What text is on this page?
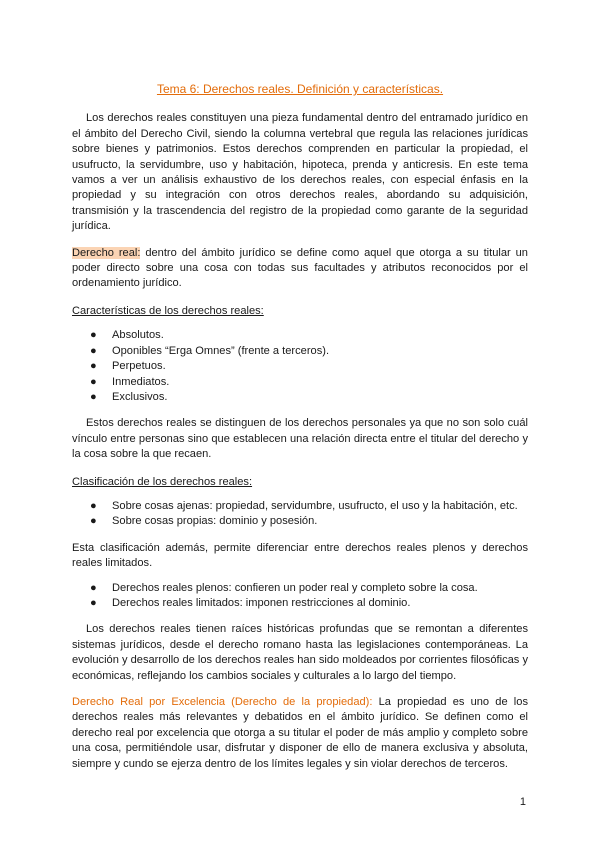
Tema 6: Derechos reales. Definición y características.

Los derechos reales constituyen una pieza fundamental dentro del entramado jurídico en el ámbito del Derecho Civil, siendo la columna vertebral que regula las relaciones jurídicas sobre bienes y patrimonios. Estos derechos comprenden en particular la propiedad, el usufructo, la servidumbre, uso y habitación, hipoteca, prenda y anticresis. En este tema vamos a ver un análisis exhaustivo de los derechos reales, con especial énfasis en la propiedad y su integración con otros derechos reales, abordando su adquisición, transmisión y la trascendencia del registro de la propiedad como garante de la seguridad jurídica.

Derecho real: dentro del ámbito jurídico se define como aquel que otorga a su titular un poder directo sobre una cosa con todas sus facultades y atributos reconocidos por el ordenamiento jurídico.

Características de los derechos reales:

● Absolutos.
● Oponibles “Erga Omnes” (frente a terceros).
● Perpetuos.
● Inmediatos.
● Exclusivos.

Estos derechos reales se distinguen de los derechos personales ya que no son solo cuál vínculo entre personas sino que establecen una relación directa entre el titular del derecho y la cosa sobre la que recaen.

Clasificación de los derechos reales:

● Sobre cosas ajenas: propiedad, servidumbre, usufructo, el uso y la habitación, etc.
● Sobre cosas propias: dominio y posesión.

Esta clasificación además, permite diferenciar entre derechos reales plenos y derechos reales limitados.

● Derechos reales plenos: confieren un poder real y completo sobre la cosa.
● Derechos reales limitados: imponen restricciones al dominio.

Los derechos reales tienen raíces históricas profundas que se remontan a diferentes sistemas jurídicos, desde el derecho romano hasta las legislaciones contemporáneas. La evolución y desarrollo de los derechos reales han sido moldeados por corrientes filosóficas y económicas, reflejando los cambios sociales y culturales a lo largo del tiempo.

Derecho Real por Excelencia (Derecho de la propiedad): La propiedad es uno de los derechos reales más relevantes y debatidos en el ámbito jurídico. Se definen como el derecho real por excelencia que otorga a su titular el poder de más amplio y completo sobre una cosa, permitiéndole usar, disfrutar y disponer de ello de manera exclusiva y absoluta, siempre y cundo se ejerza dentro de los límites legales y sin violar derechos de terceros.

1
